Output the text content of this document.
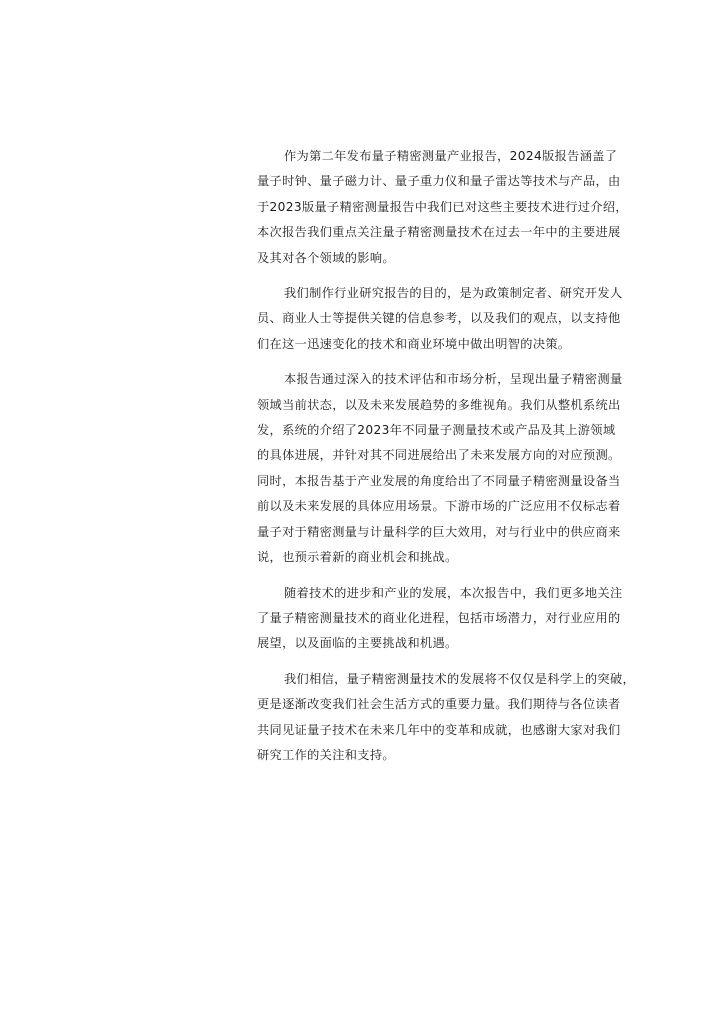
作为第二年发布量子精密测量产业报告，2024版报告涵盖了
量子时钟、量子磁力计、量子重力仪和量子雷达等技术与产品，由
于2023版量子精密测量报告中我们已对这些主要技术进行过介绍，
本次报告我们重点关注量子精密测量技术在过去一年中的主要进展
及其对各个领域的影响。

我们制作行业研究报告的目的，是为政策制定者、研究开发人
员、商业人士等提供关键的信息参考，以及我们的观点，以支持他
们在这一迅速变化的技术和商业环境中做出明智的决策。

本报告通过深入的技术评估和市场分析，呈现出量子精密测量
领域当前状态，以及未来发展趋势的多维视角。我们从整机系统出
发，系统的介绍了2023年不同量子测量技术或产品及其上游领域
的具体进展，并针对其不同进展给出了未来发展方向的对应预测。
同时，本报告基于产业发展的角度给出了不同量子精密测量设备当
前以及未来发展的具体应用场景。下游市场的广泛应用不仅标志着
量子对于精密测量与计量科学的巨大效用，对与行业中的供应商来
说，也预示着新的商业机会和挑战。

随着技术的进步和产业的发展，本次报告中，我们更多地关注
了量子精密测量技术的商业化进程，包括市场潜力，对行业应用的
展望，以及面临的主要挑战和机遇。

我们相信，量子精密测量技术的发展将不仅仅是科学上的突破，
更是逐渐改变我们社会生活方式的重要力量。我们期待与各位读者
共同见证量子技术在未来几年中的变革和成就，也感谢大家对我们
研究工作的关注和支持。
